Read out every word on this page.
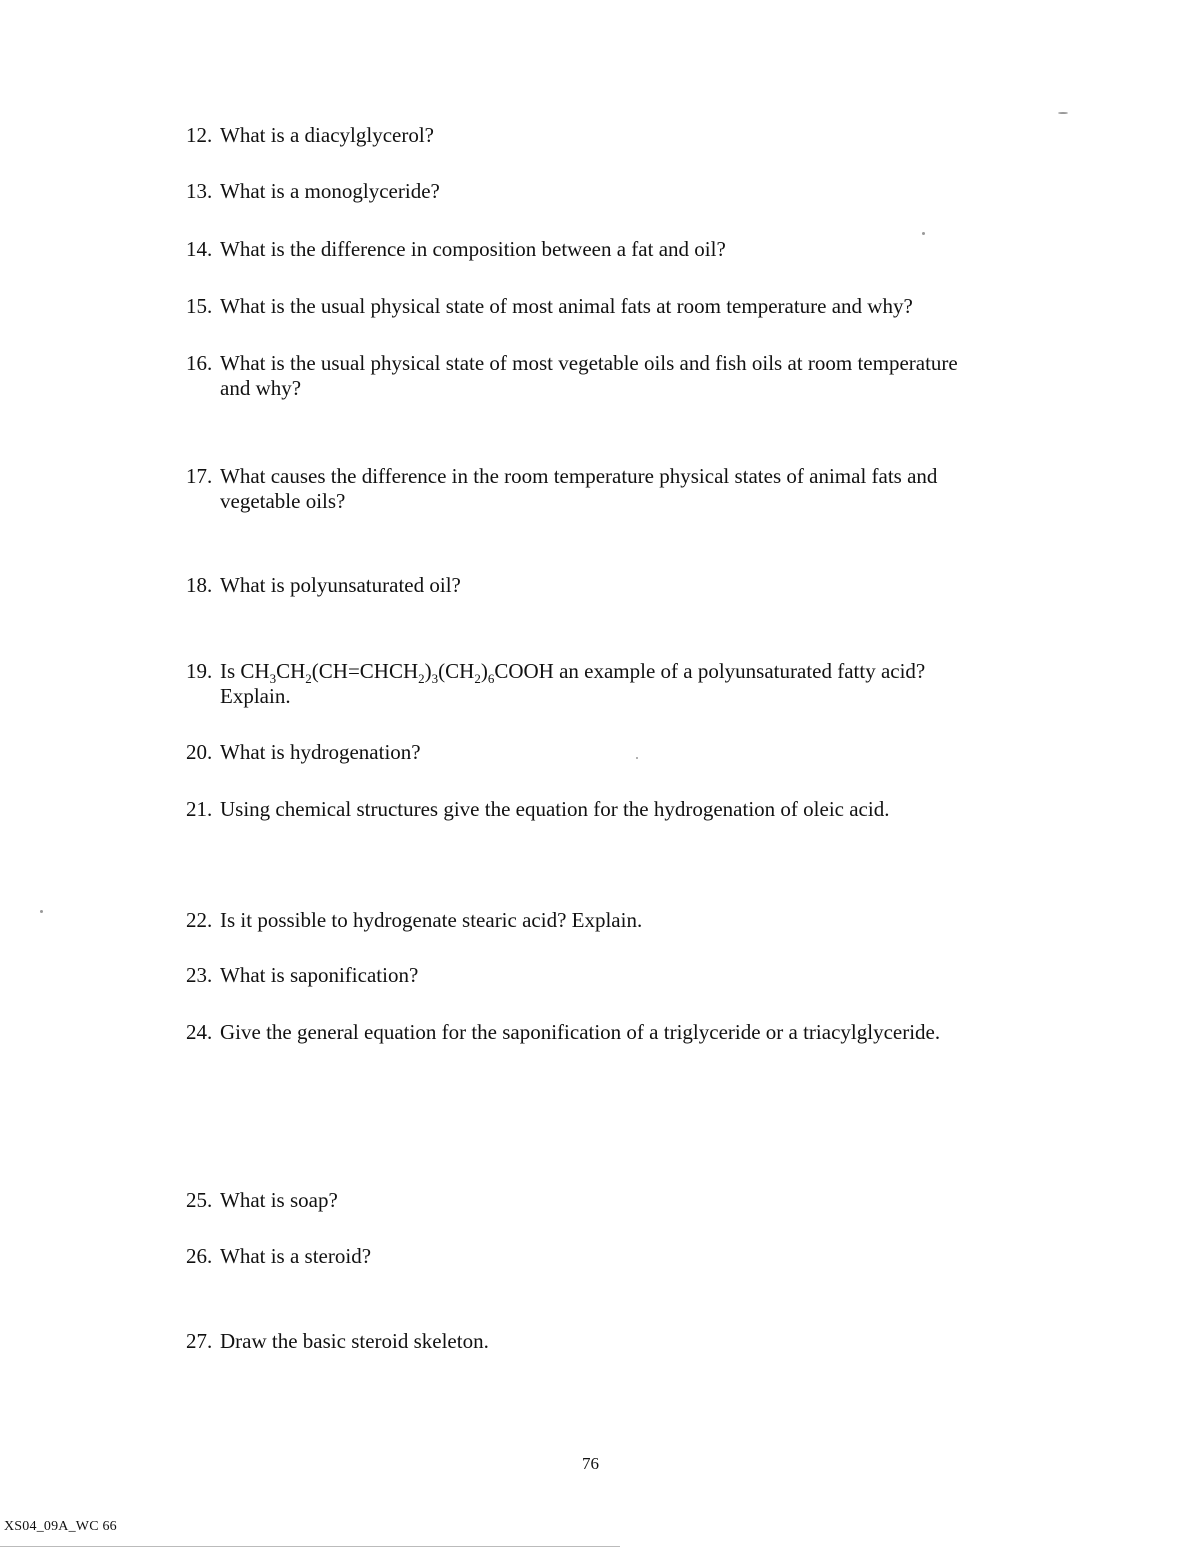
12. What is a diacylglycerol?
13. What is a monoglyceride?
14. What is the difference in composition between a fat and oil?
15. What is the usual physical state of most animal fats at room temperature and why?
16. What is the usual physical state of most vegetable oils and fish oils at room temperature
and why?
17. What causes the difference in the room temperature physical states of animal fats and
vegetable oils?
18. What is polyunsaturated oil?
19. Is $CH_3CH_2(CH=CHCH_2)_3(CH_2)_6COOH$ an example of a polyunsaturated fatty acid?
Explain.
20. What is hydrogenation?
21. Using chemical structures give the equation for the hydrogenation of oleic acid.
22. Is it possible to hydrogenate stearic acid? Explain.
23. What is saponification?
24. Give the general equation for the saponification of a triglyceride or a triacylglyceride.
25. What is soap?
26. What is a steroid?
27. Draw the basic steroid skeleton.
76
XS04_09A_WC 66
